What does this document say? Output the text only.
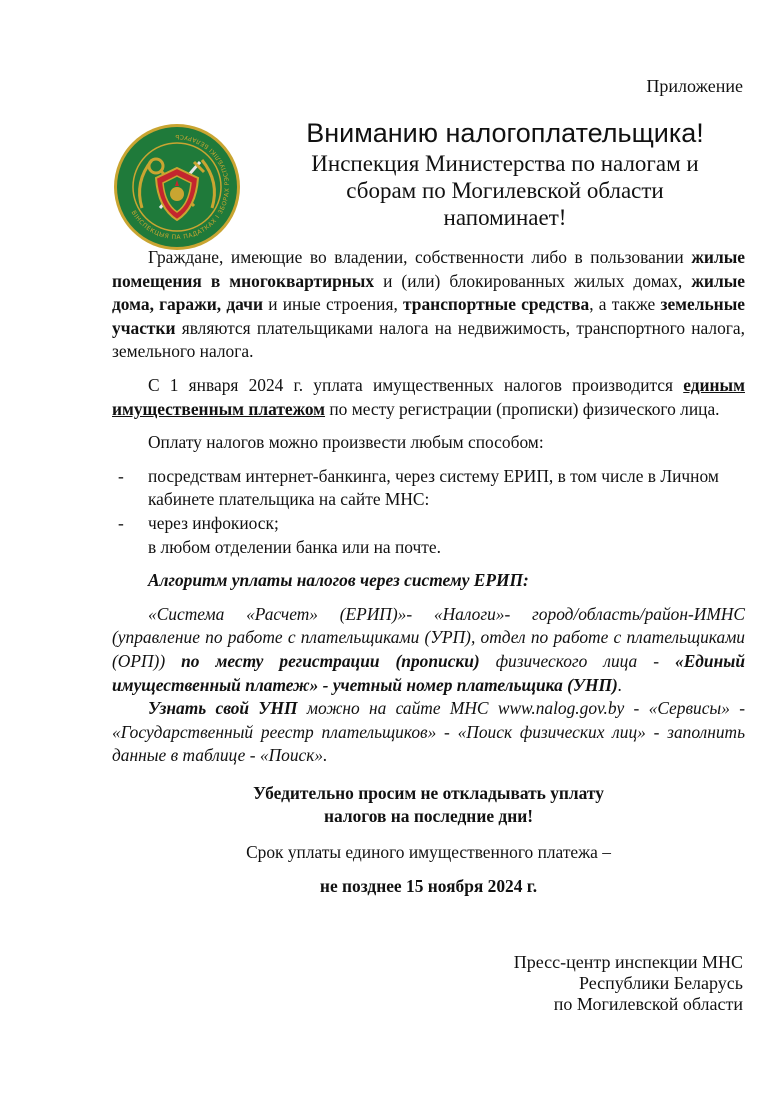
Приложение
ВІНСПЕКЦЫЯ ПА ПАДАТКАХ І ЗБОРАХ РЭСПУБЛІКІ БЕЛАРУСЬ	Вниманию налогоплательщика!
Инспекция Министерства по налогам и
сборам по Могилевской области
напоминает!

Граждане, имеющие во владении, собственности либо в пользовании жилые помещения в многоквартирных и (или) блокированных жилых домах, жилые дома, гаражи, дачи и иные строения, транспортные средства, а также земельные участки являются плательщиками налога на недвижимость, транспортного налога, земельного налога.

С 1 января 2024 г. уплата имущественных налогов производится единым имущественным платежом по месту регистрации (прописки) физического лица.

Оплату налогов можно произвести любым способом:

- посредствам интернет-банкинга, через систему ЕРИП, в том числе в Личном кабинете плательщика на сайте МНС:
- через инфокиоск;
в любом отделении банка или на почте.

Алгоритм уплаты налогов через систему ЕРИП:

«Система «Расчет» (ЕРИП)»- «Налоги»- город/область/район-ИМНС (управление по работе с плательщиками (УРП), отдел по работе с плательщиками (ОРП)) по месту регистрации (прописки) физического лица - «Единый имущественный платеж» - учетный номер плательщика (УНП).

Узнать свой УНП можно на сайте МНС www.nalog.gov.by - «Сервисы» - «Государственный реестр плательщиков» - «Поиск физических лиц» - заполнить данные в таблице - «Поиск».

Убедительно просим не откладывать уплату
налогов на последние дни!

Срок уплаты единого имущественного платежа –

не позднее 15 ноября 2024 г.

Пресс-центр инспекции МНС
Республики Беларусь
по Могилевской области
